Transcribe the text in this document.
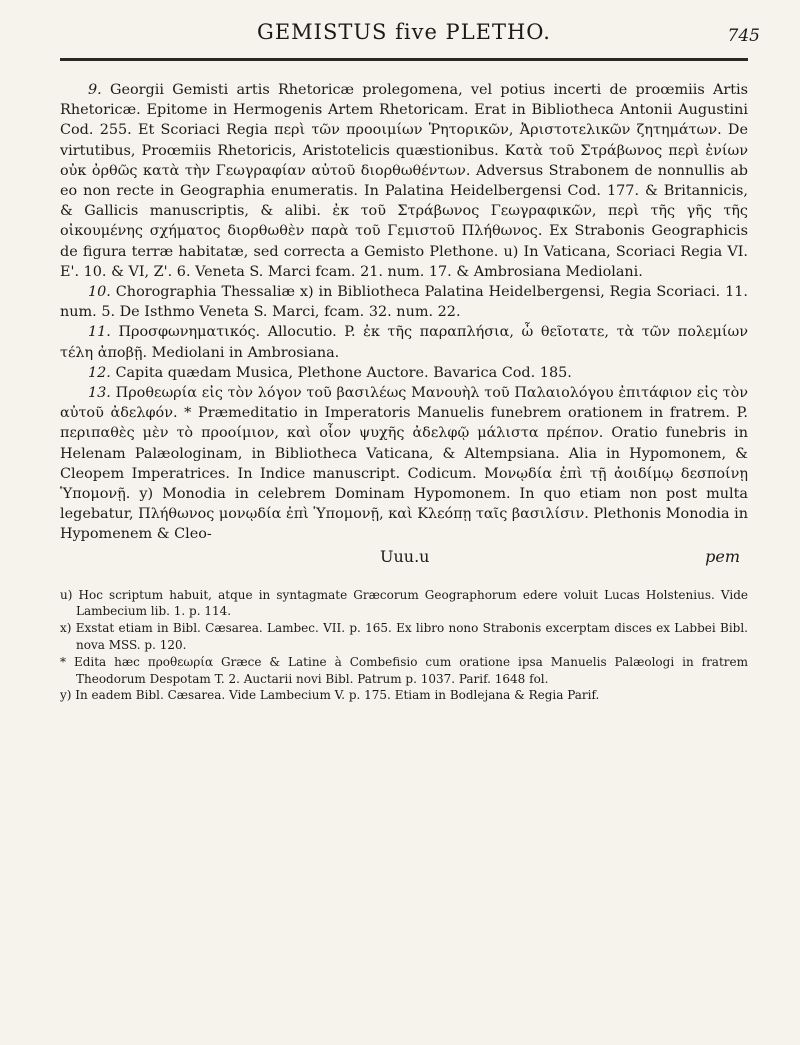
GEMISTUS five PLETHO.	745

9. Georgii Gemisti artis Rhetoricæ prolegomena, vel potius incerti de proœmiis Artis Rhetoricæ. Epitome in Hermogenis Artem Rhetoricam. Erat in Bibliotheca Antonii Augustini Cod. 255. Et Scoriaci Regia περὶ τῶν προοιμίων Ῥητορικῶν, Ἀριστοτελικῶν ζητημάτων. De virtutibus, Proœmiis Rhetoricis, Aristotelicis quæstionibus. Κατὰ τοῦ Στράβωνος περὶ ἐνίων οὐκ ὀρθῶς κατὰ τὴν Γεωγραφίαν αὐτοῦ διορθωθέντων. Adversus Strabonem de nonnullis ab eo non recte in Geographia enumeratis. In Palatina Heidelbergensi Cod. 177. & Britannicis, & Gallicis manuscriptis, & alibi. ἐκ τοῦ Στράβωνος Γεωγραφικῶν, περὶ τῆς γῆς τῆς οἰκουμένης σχήματος διορθωθὲν παρὰ τοῦ Γεμιστοῦ Πλήθωνος. Ex Strabonis Geographicis de figura terræ habitatæ, sed correcta a Gemisto Plethone. u) In Vaticana, Scoriaci Regia VI. E'. 10. & VI, Z'. 6. Veneta S. Marci fcam. 21. num. 17. & Ambrosiana Mediolani.

10. Chorographia Thessaliæ x) in Bibliotheca Palatina Heidelbergensi, Regia Scoriaci. 11. num. 5. De Isthmo Veneta S. Marci, fcam. 32. num. 22.

11. Προσφωνηματικός. Allocutio. P. ἐκ τῆς παραπλήσια, ὦ θεῖοτατε, τὰ τῶν πολεμίων τέλη ἀποβῇ. Mediolani in Ambrosiana.

12. Capita quædam Musica, Plethone Auctore. Bavarica Cod. 185.

13. Προθεωρία εἰς τὸν λόγον τοῦ βασιλέως Μανουὴλ τοῦ Παλαιολόγου ἐπιτάφιον εἰς τὸν αὐτοῦ ἀδελφόν. * Præmeditatio in Imperatoris Manuelis funebrem orationem in fratrem. P. περιπαθὲς μὲν τὸ προοίμιον, καὶ οἷον ψυχῆς ἀδελφῷ μάλιστα πρέπον. Oratio funebris in Helenam Palæologinam, in Bibliotheca Vaticana, & Altempsiana. Alia in Hypomonem, & Cleopem Imperatrices. In Indice manuscript. Codicum. Μονῳδία ἐπὶ τῇ ἀοιδίμῳ δεσποίνῃ Ὑπομονῇ. y) Monodia in celebrem Dominam Hypomonem. In quo etiam non post multa legebatur, Πλήθωνος μονῳδία ἐπὶ Ὑπομονῇ, καὶ Κλεόπῃ ταῖς βασιλίσιν. Plethonis Monodia in Hypomenem & Cleo-

Uuu.u	pem

u) Hoc scriptum habuit, atque in syntagmate Græcorum Geographorum edere voluit Lucas Holstenius. Vide Lambecium lib. 1. p. 114.

x) Exstat etiam in Bibl. Cæsarea. Lambec. VII. p. 165. Ex libro nono Strabonis excerptam disces ex Labbei Bibl. nova MSS. p. 120.

* Edita hæc προθεωρία Græce & Latine à Combefisio cum oratione ipsa Manuelis Palæologi in fratrem Theodorum Despotam T. 2. Auctarii novi Bibl. Patrum p. 1037. Parif. 1648 fol.

y) In eadem Bibl. Cæsarea. Vide Lambecium V. p. 175. Etiam in Bodlejana & Regia Parif.
